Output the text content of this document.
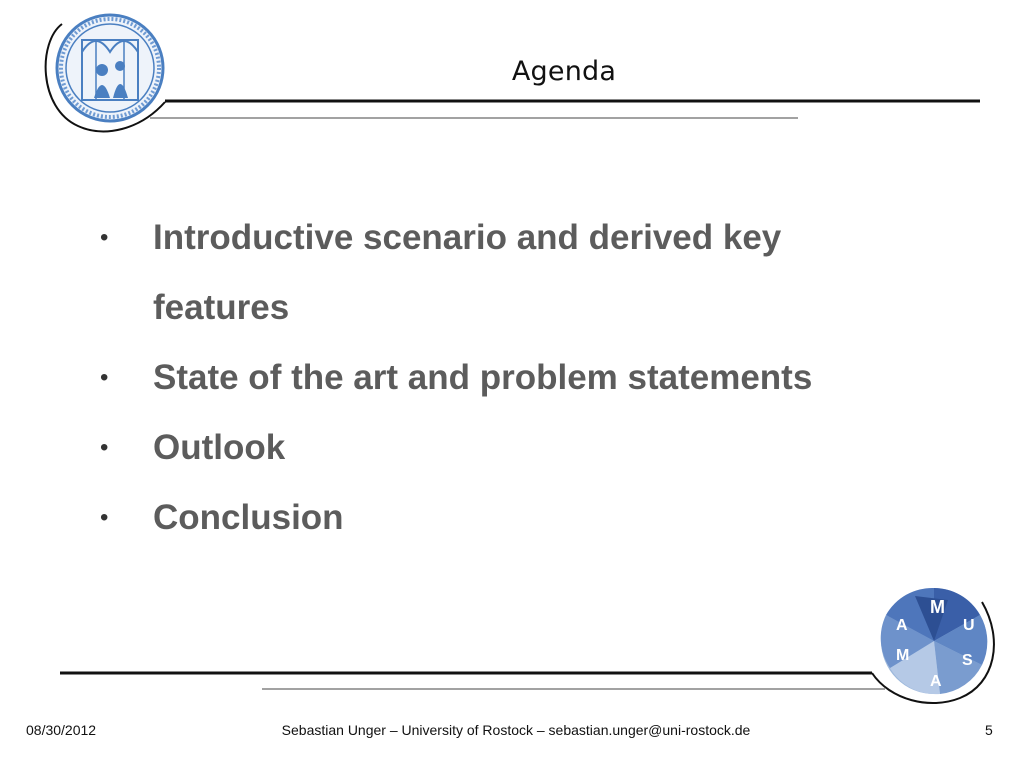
M
U
S
A
M
A
Agenda
• Introductive scenario and derived key features
• State of the art and problem statements
• Outlook
• Conclusion
08/30/2012	Sebastian Unger – University of Rostock – sebastian.unger@uni-rostock.de	5
